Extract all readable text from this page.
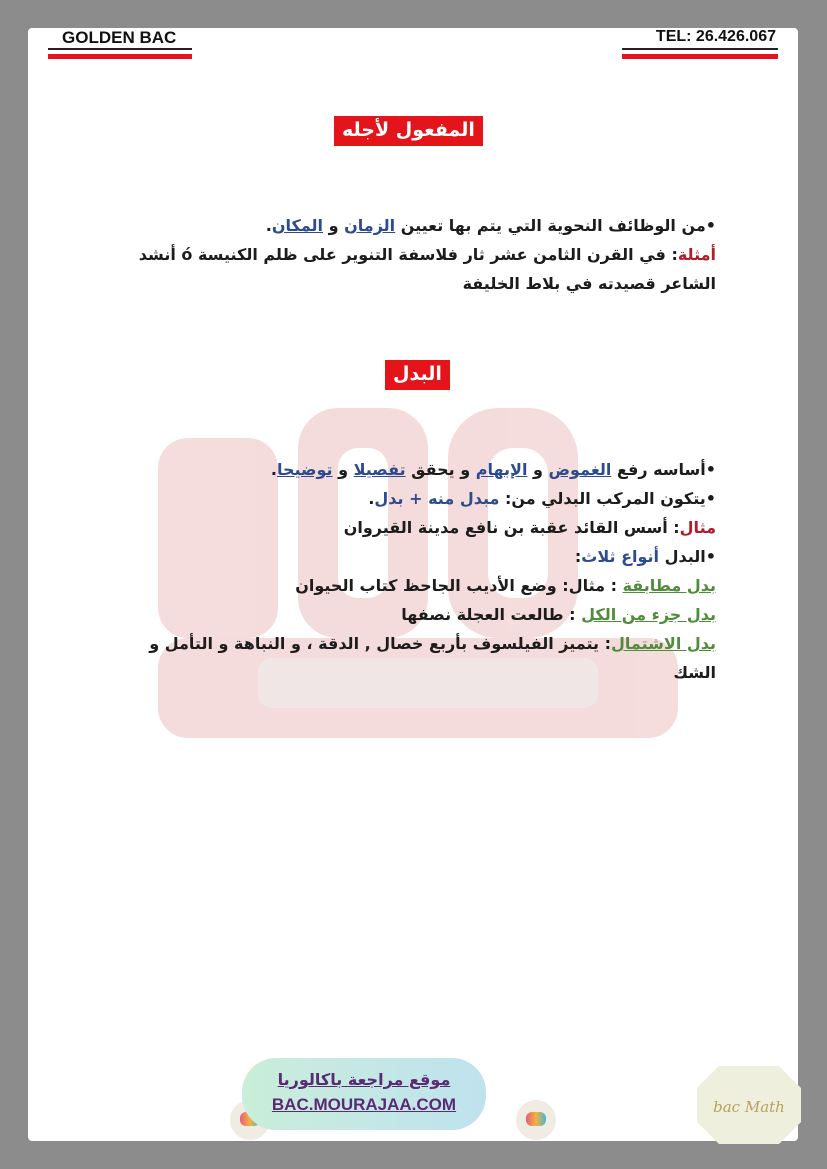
GOLDEN BAC	TEL: 26.426.067
المفعول لأجله
•من الوظائف النحوية التي يتم بها تعيين الزمان و المكان.
أمثلة: في القرن الثامن عشر ثار فلاسفة التنوير على ظلم الكنيسة ó أنشد
الشاعر قصيدته في بلاط الخليفة
البدل
•أساسه رفع الغموض و الإبهام و يحقق تفصيلا و توضيحا.
•يتكون المركب البدلي من: مبدل منه + بدل.
مثال: أسس القائد عقبة بن نافع مدينة القيروان
•البدل أنواع ثلاث:
بدل مطابقة : مثال: وضع الأديب الجاحظ كتاب الحيوان
بدل جزء من الكل : طالعت العجلة نصفها
بدل الاشتمال: يتميز الفيلسوف بأربع خصال , الدقة ، و النباهة و التأمل و
الشك
موقع مراجعة باكالوريا
BAC.MOURAJAA.COM	bac Math
